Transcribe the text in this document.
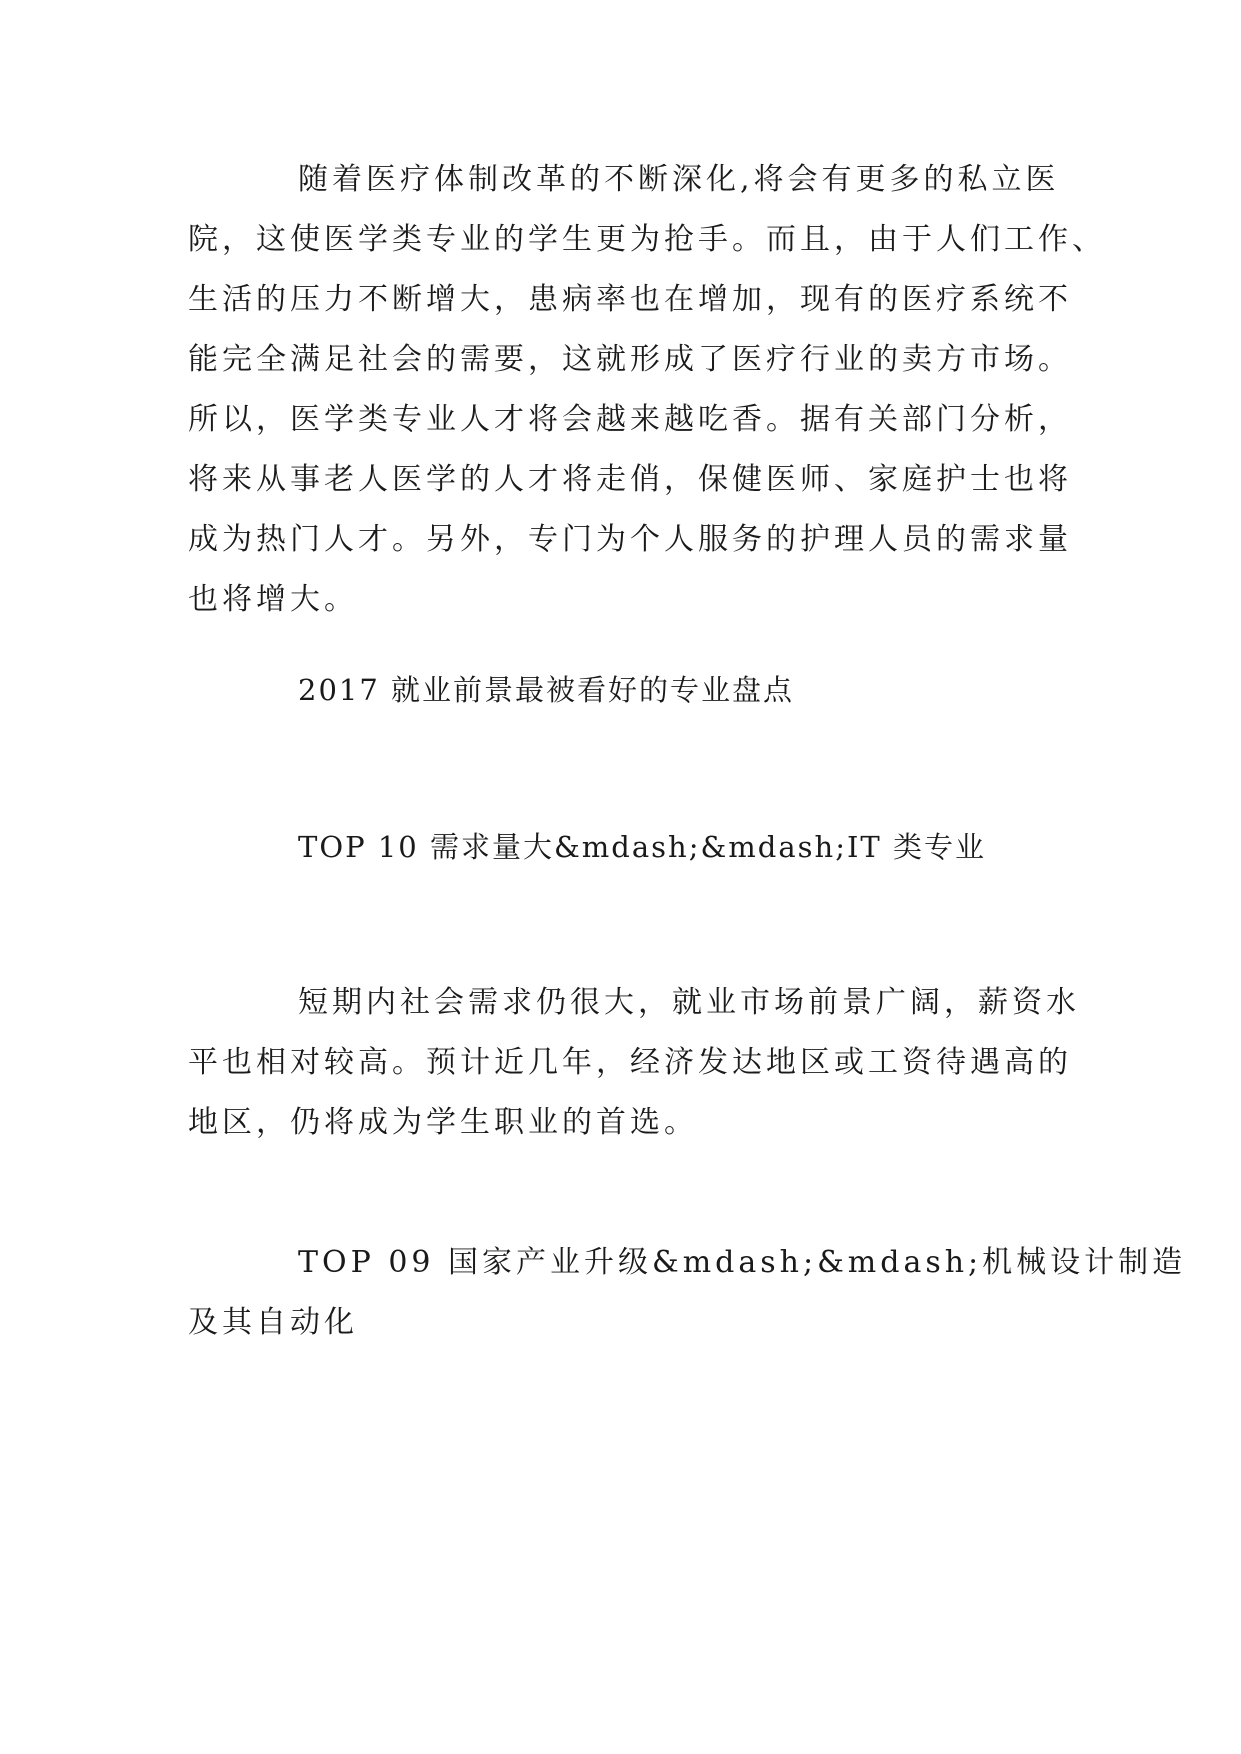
随着医疗体制改革的不断深化,将会有更多的私立医
院，这使医学类专业的学生更为抢手。而且，由于人们工作、
生活的压力不断增大，患病率也在增加，现有的医疗系统不
能完全满足社会的需要，这就形成了医疗行业的卖方市场。
所以，医学类专业人才将会越来越吃香。据有关部门分析，
将来从事老人医学的人才将走俏，保健医师、家庭护士也将
成为热门人才。另外，专门为个人服务的护理人员的需求量
也将增大。

2017 就业前景最被看好的专业盘点

TOP 10 需求量大&mdash;&mdash;IT 类专业

短期内社会需求仍很大，就业市场前景广阔，薪资水
平也相对较高。预计近几年，经济发达地区或工资待遇高的
地区，仍将成为学生职业的首选。
TOP 09 国家产业升级&mdash;&mdash;机械设计制造
及其自动化
